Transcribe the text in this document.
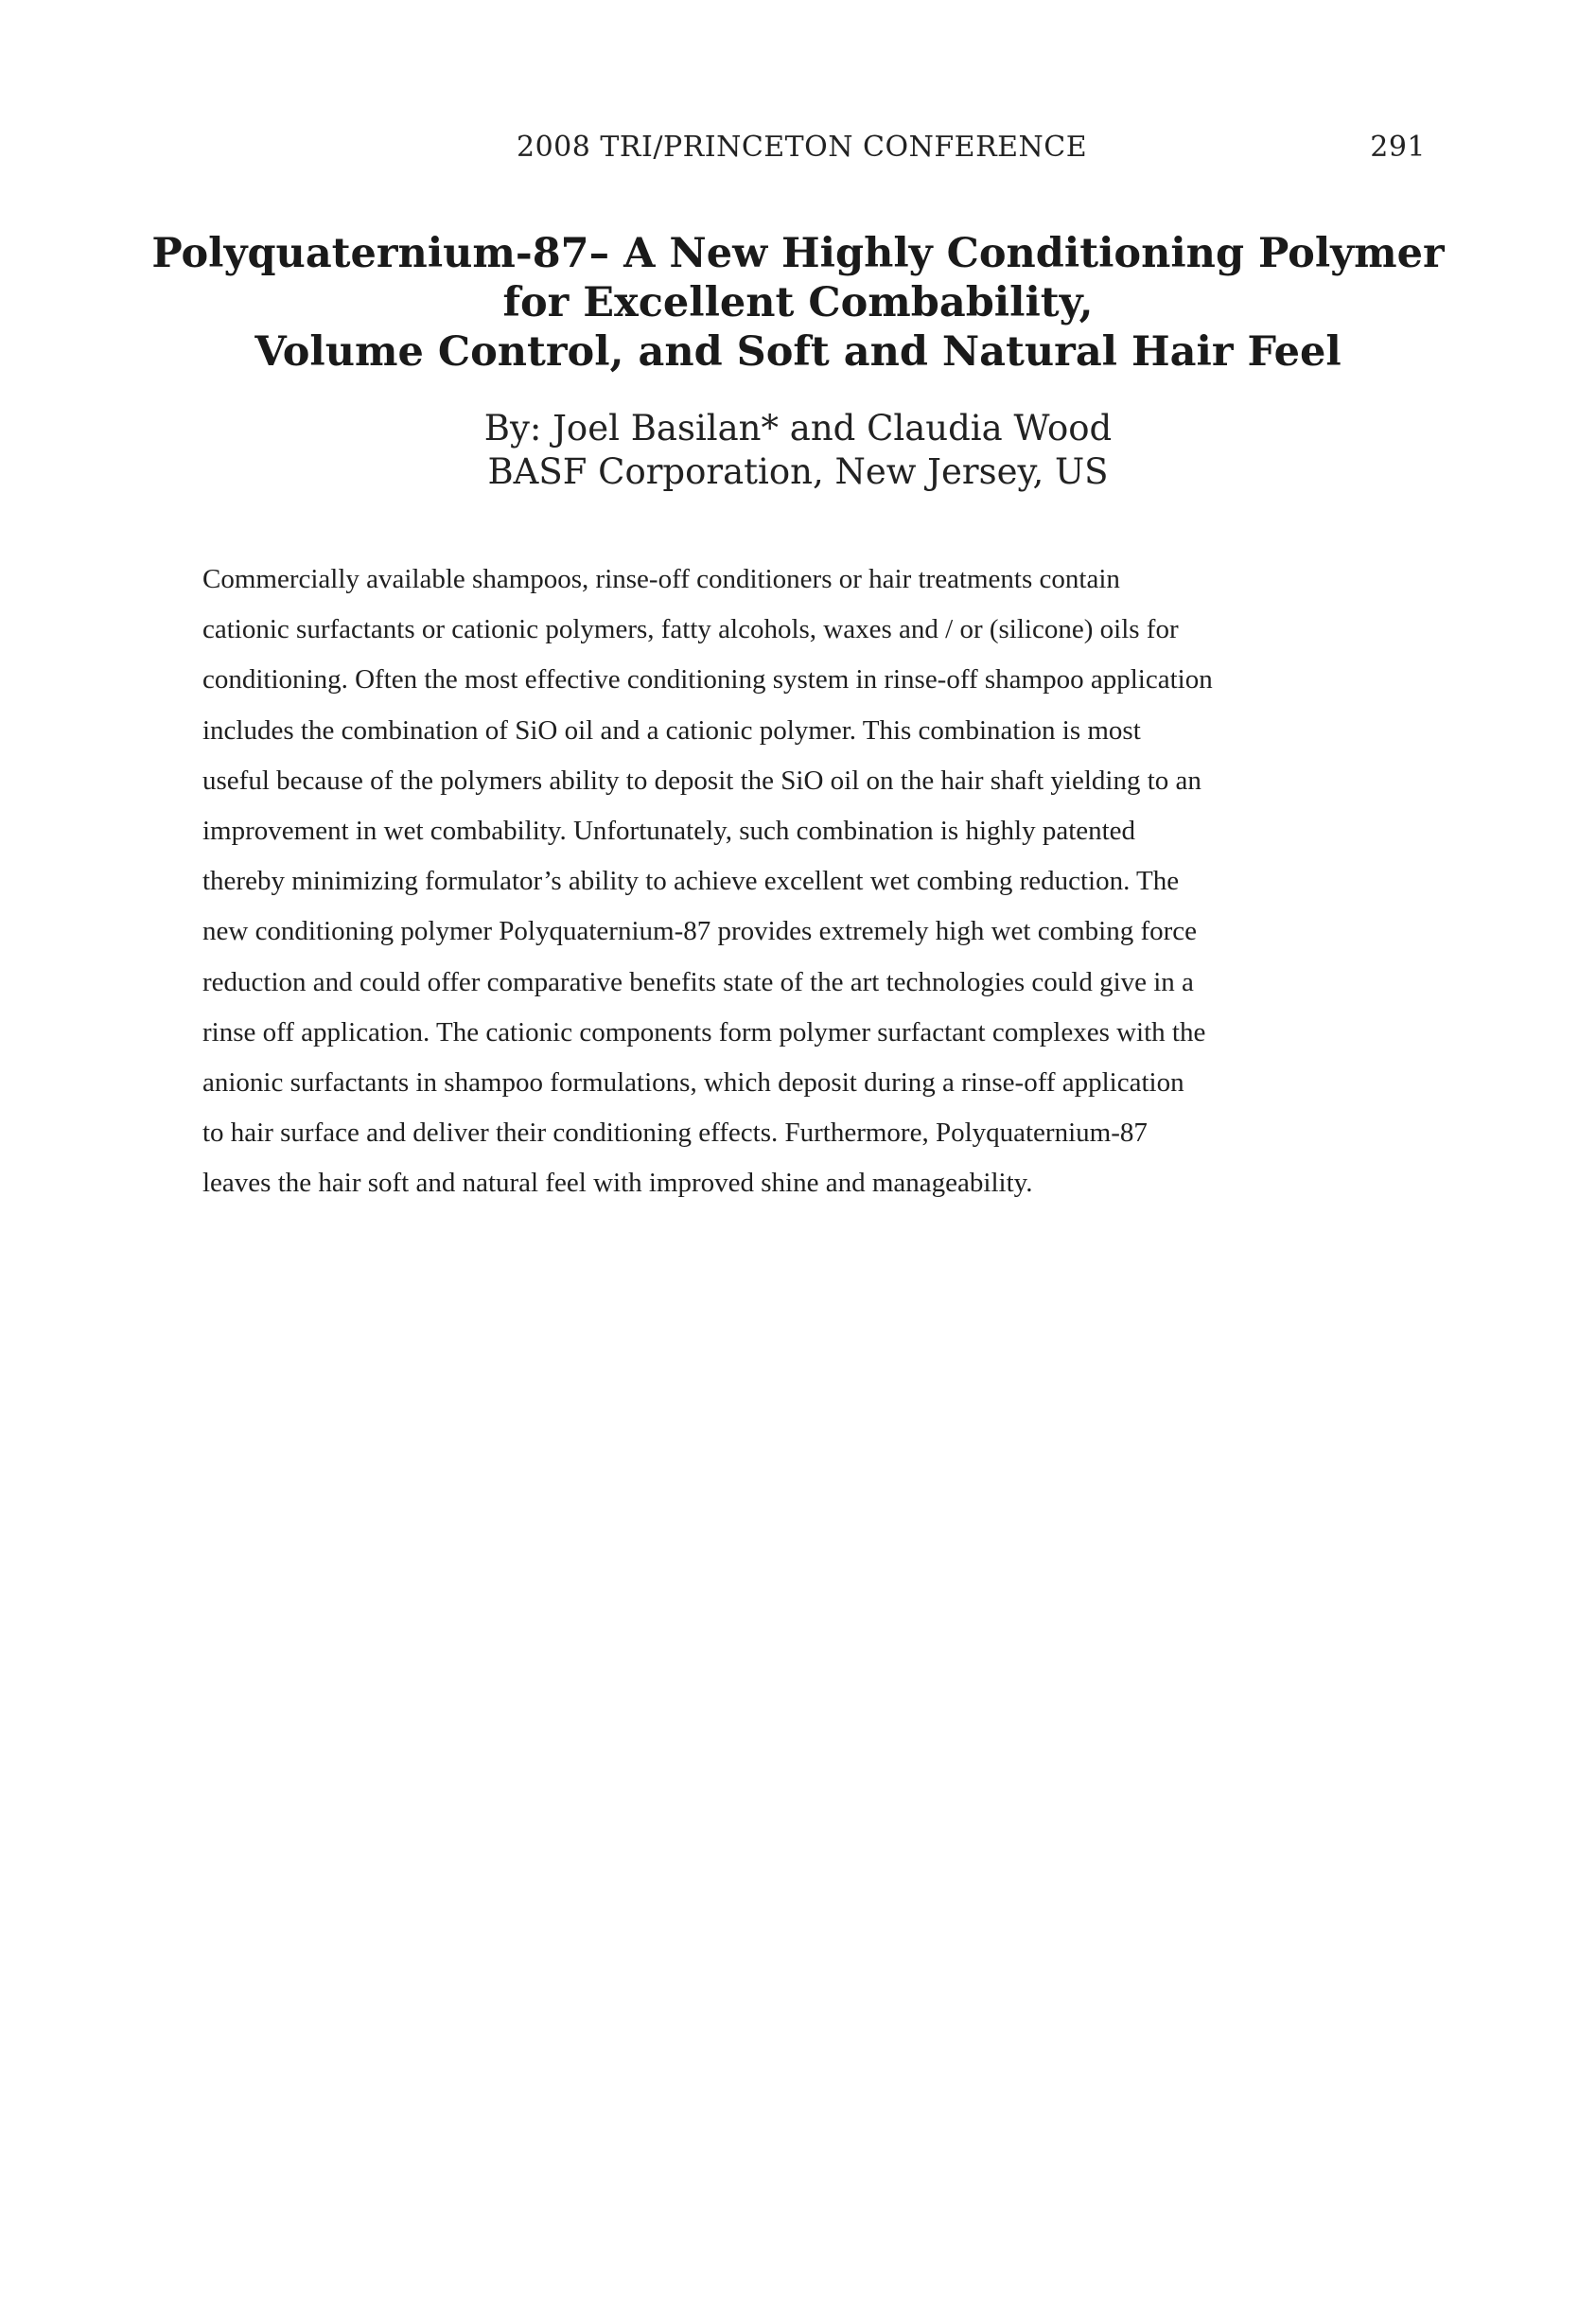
2008 TRI/PRINCETON CONFERENCE	291
Polyquaternium-87– A New Highly Conditioning Polymer
for Excellent Combability,
Volume Control, and Soft and Natural Hair Feel
By: Joel Basilan* and Claudia Wood
BASF Corporation, New Jersey, US
Commercially available shampoos, rinse-off conditioners or hair treatments contain
cationic surfactants or cationic polymers, fatty alcohols, waxes and / or (silicone) oils for
conditioning. Often the most effective conditioning system in rinse-off shampoo application
includes the combination of SiO oil and a cationic polymer. This combination is most
useful because of the polymers ability to deposit the SiO oil on the hair shaft yielding to an
improvement in wet combability. Unfortunately, such combination is highly patented
thereby minimizing formulator’s ability to achieve excellent wet combing reduction. The
new conditioning polymer Polyquaternium-87 provides extremely high wet combing force
reduction and could offer comparative benefits state of the art technologies could give in a
rinse off application. The cationic components form polymer surfactant complexes with the
anionic surfactants in shampoo formulations, which deposit during a rinse-off application
to hair surface and deliver their conditioning effects. Furthermore, Polyquaternium-87
leaves the hair soft and natural feel with improved shine and manageability.
